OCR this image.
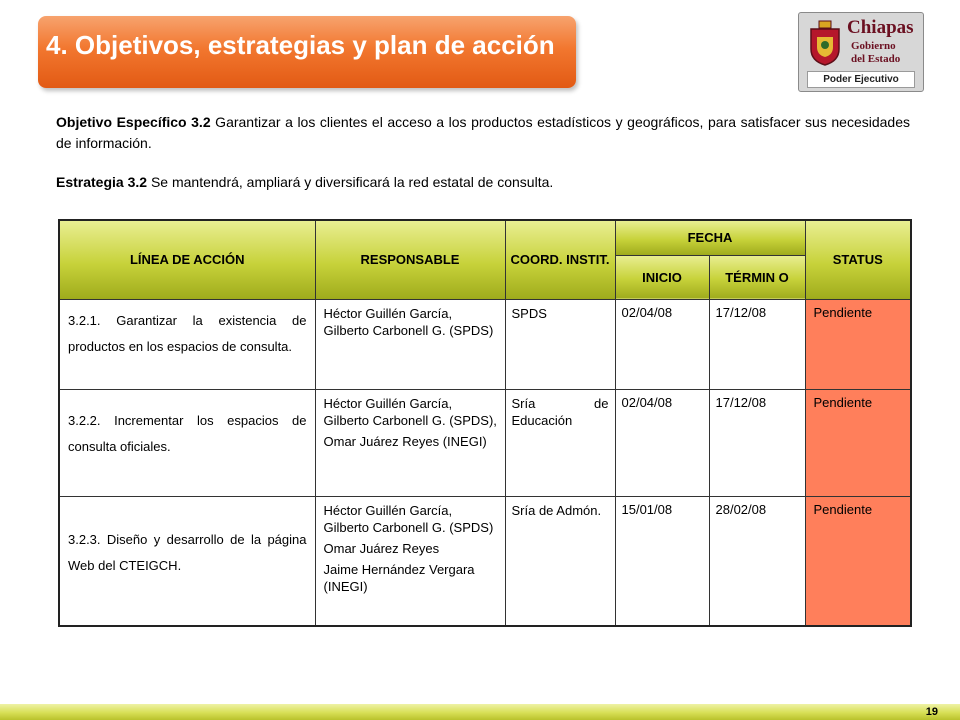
4. Objetivos, estrategias y plan de acción
Chiapas
Gobierno
del Estado
Poder Ejecutivo

Objetivo Específico 3.2 Garantizar a los clientes el acceso a los productos estadísticos y geográficos, para satisfacer sus necesidades de información.

Estrategia 3.2 Se mantendrá, ampliará y diversificará la red estatal de consulta.

LÍNEA DE ACCIÓN	RESPONSABLE	COORD. INSTIT.	FECHA		STATUS
			INICIO	TÉRMIN O	
3.2.1. Garantizar la existencia de productos en los espacios de consulta.	Héctor Guillén García, Gilberto Carbonell G. (SPDS)	SPDS	02/04/08	17/12/08	Pendiente
3.2.2. Incrementar los espacios de consulta oficiales.	Héctor Guillén García, Gilberto Carbonell G. (SPDS),
Omar Juárez Reyes (INEGI)	Sría de Educación	02/04/08	17/12/08	Pendiente
3.2.3. Diseño y desarrollo de la página Web del CTEIGCH.	Héctor Guillén García, Gilberto Carbonell G. (SPDS)
Omar Juárez Reyes
Jaime Hernández Vergara (INEGI)	Sría de Admón.	15/01/08	28/02/08	Pendiente
19
